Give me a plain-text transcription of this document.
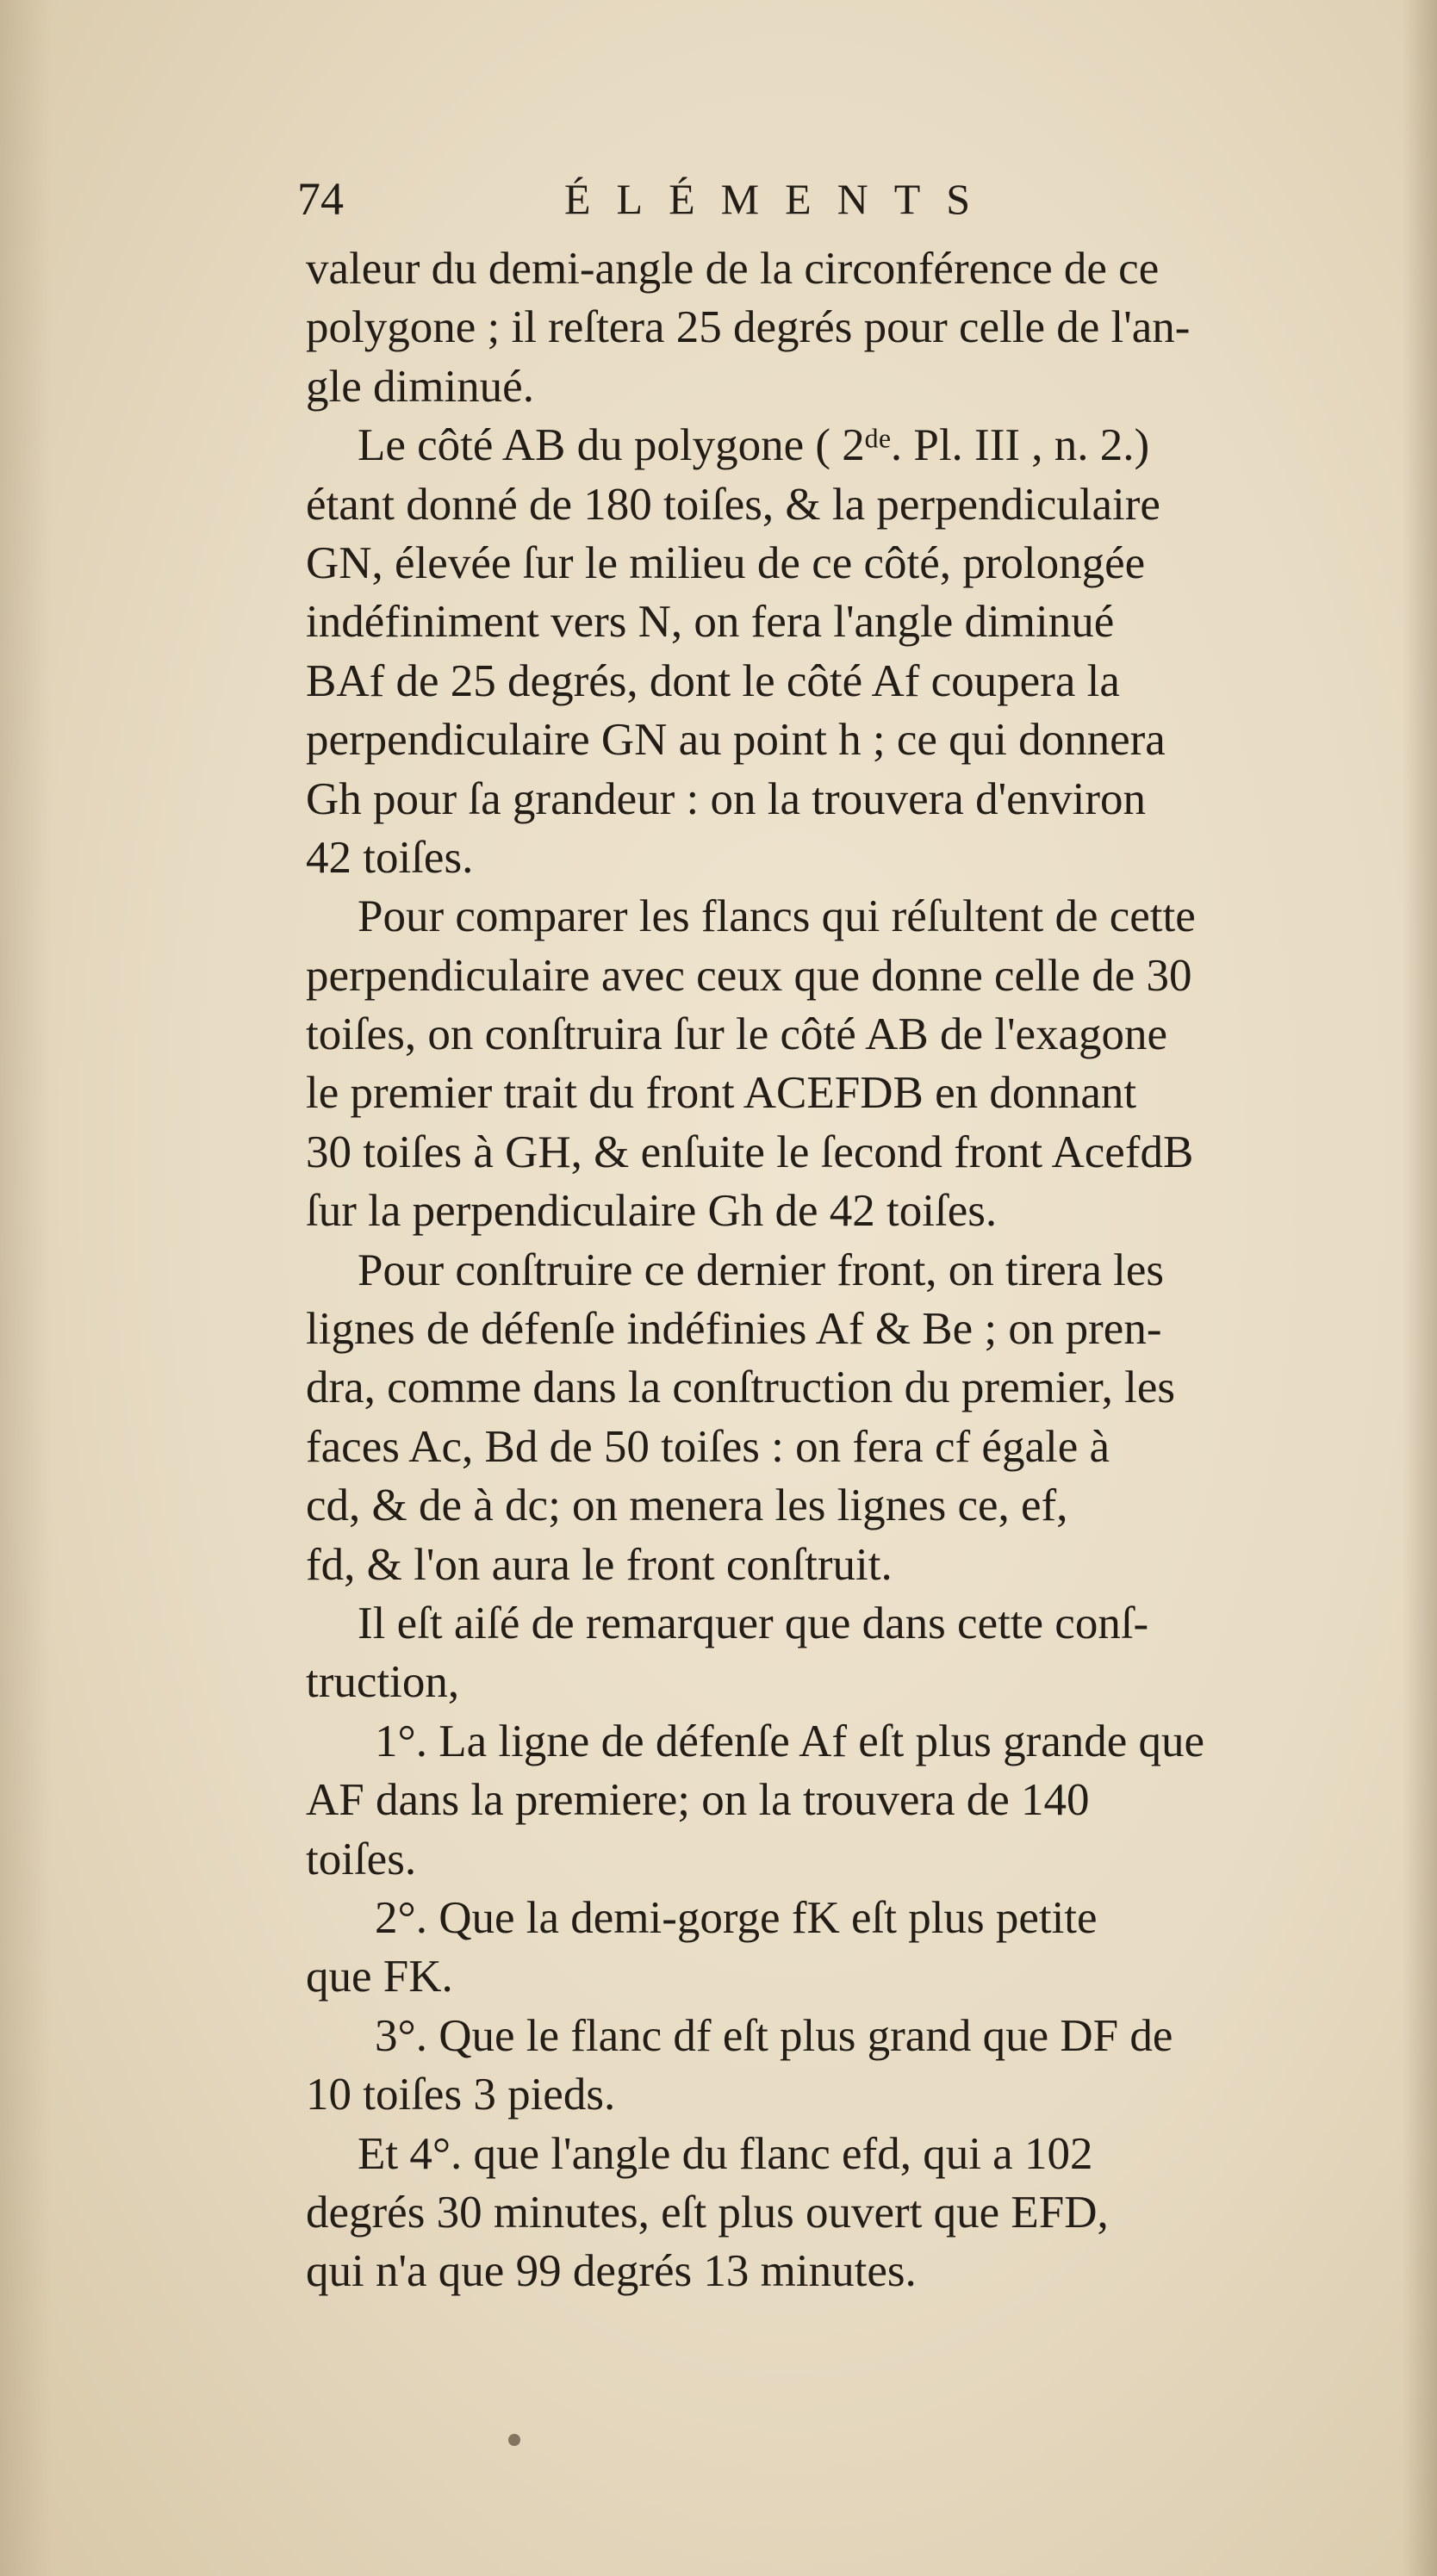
74	ÉLÉMENTS
valeur du demi-angle de la circonférence de ce
polygone ; il reſtera 25 degrés pour celle de l'an-
gle diminué.
Le côté AB du polygone ( 2ᵈᵉ. Pl. III , n. 2.)
étant donné de 180 toiſes, & la perpendiculaire
GN, élevée ſur le milieu de ce côté, prolongée
indéfiniment vers N, on fera l'angle diminué
BAf de 25 degrés, dont le côté Af coupera la
perpendiculaire GN au point h ; ce qui donnera
Gh pour ſa grandeur : on la trouvera d'environ
42 toiſes.
Pour comparer les flancs qui réſultent de cette
perpendiculaire avec ceux que donne celle de 30
toiſes, on conſtruira ſur le côté AB de l'exagone
le premier trait du front ACEFDB en donnant
30 toiſes à GH, & enſuite le ſecond front AcefdB
ſur la perpendiculaire Gh de 42 toiſes.
Pour conſtruire ce dernier front, on tirera les
lignes de défenſe indéfinies Af & Be ; on pren-
dra, comme dans la conſtruction du premier, les
faces Ac, Bd de 50 toiſes : on fera cf égale à
cd, & de à dc; on menera les lignes ce, ef,
fd, & l'on aura le front conſtruit.
Il eſt aiſé de remarquer que dans cette conſ-
truction,
1°. La ligne de défenſe Af eſt plus grande que
AF dans la premiere; on la trouvera de 140
toiſes.
2°. Que la demi-gorge fK eſt plus petite
que FK.
3°. Que le flanc df eſt plus grand que DF de
10 toiſes 3 pieds.
Et 4°. que l'angle du flanc efd, qui a 102
degrés 30 minutes, eſt plus ouvert que EFD,
qui n'a que 99 degrés 13 minutes.
